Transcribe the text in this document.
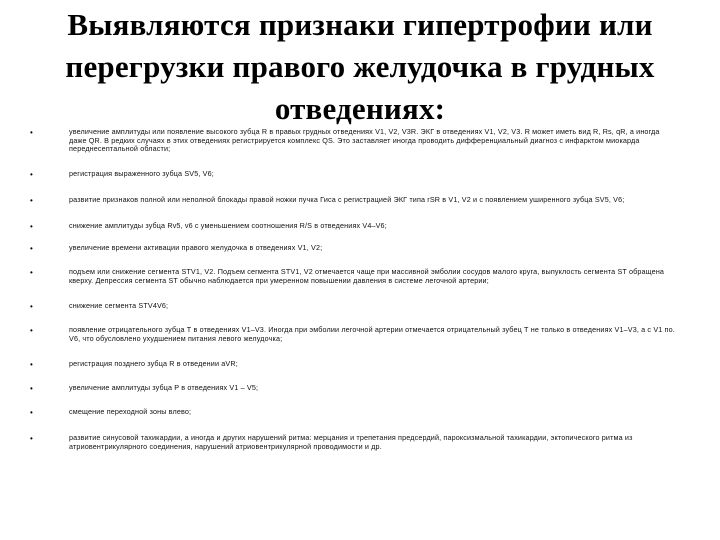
Выявляются признаки гипертрофии или
перегрузки правого желудочка в грудных
отведениях:
•	увеличение амплитуды или появление высокого зубца R в правых грудных отведениях V1, V2, V3R. ЭКГ в отведениях V1, V2, V3. R может иметь вид R, Rs, qR, а иногда даже QR. В редких случаях в этих отведениях регистрируется комплекс QS. Это заставляет иногда проводить дифференциальный диагноз с инфарктом миокарда переднесептальной области;
•	регистрация выраженного зубца SV5, V6;
•	развитие признаков полной или неполной блокады правой ножки пучка Гиса с регистрацией ЭКГ типа rSR в V1, V2 и с появлением уширенного зубца SV5, V6;
•	снижение амплитуды зубца Rv5, v6 с уменьшением соотношения R/S в отведениях V4–V6;
•	увеличение времени активации правого желудочка в отведениях V1, V2;
•	подъем или снижение сегмента STV1, V2. Подъем сегмента STV1, V2 отмечается чаще при массивной эмболии сосудов малого круга, выпуклость сегмента ST обращена кверху. Депрессия сегмента ST обычно наблюдается при умеренном повышении давления в системе легочной артерии;
•	снижение сегмента STV4V6;
•	появление отрицательного зубца Т в отведениях V1–V3. Иногда при эмболии легочной артерии отмечается отрицательный зубец Т не только в отведениях V1–V3, а с V1 по. V6, что обусловлено ухудшением питания левого желудочка;
•	регистрация позднего зубца R в отведении aVR;
•	увеличение амплитуды зубца P в отведениях V1 – V5;
•	смещение переходной зоны влево;
•	развитие синусовой тахикардии, а иногда и других нарушений ритма: мерцания и трепетания предсердий, пароксизмальной тахикардии, эктопического ритма из атриовентрикулярного соединения, нарушений атриовентрикулярной проводимости и др.
